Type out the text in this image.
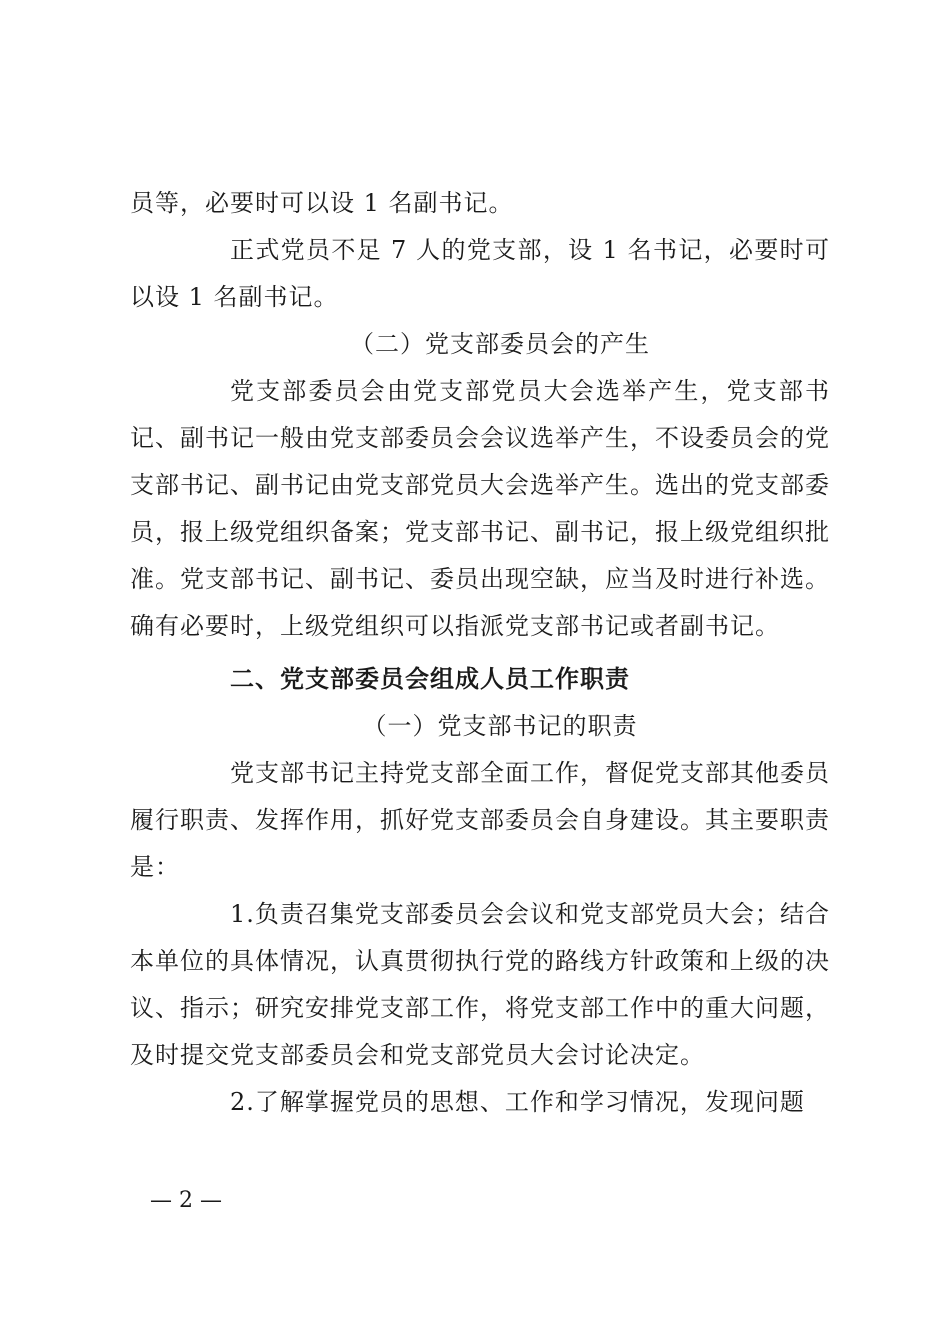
员等，必要时可以设 1 名副书记。

正式党员不足 7 人的党支部，设 1 名书记，必要时可以设 1 名副书记。

（二）党支部委员会的产生

党支部委员会由党支部党员大会选举产生，党支部书记、副书记一般由党支部委员会会议选举产生，不设委员会的党支部书记、副书记由党支部党员大会选举产生。选出的党支部委员，报上级党组织备案；党支部书记、副书记，报上级党组织批准。党支部书记、副书记、委员出现空缺，应当及时进行补选。确有必要时，上级党组织可以指派党支部书记或者副书记。

二、党支部委员会组成人员工作职责

（一）党支部书记的职责

党支部书记主持党支部全面工作，督促党支部其他委员履行职责、发挥作用，抓好党支部委员会自身建设。其主要职责是：

1.负责召集党支部委员会会议和党支部党员大会；结合本单位的具体情况，认真贯彻执行党的路线方针政策和上级的决议、指示；研究安排党支部工作，将党支部工作中的重大问题，及时提交党支部委员会和党支部党员大会讨论决定。

2.了解掌握党员的思想、工作和学习情况，发现问题

— 2 —
